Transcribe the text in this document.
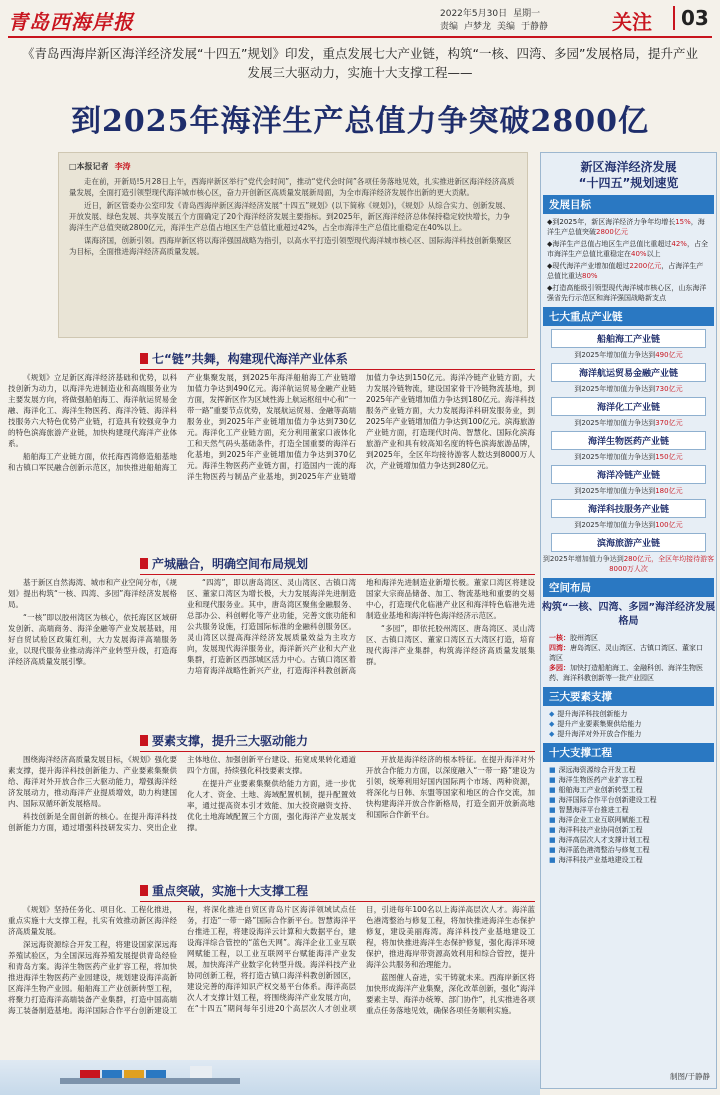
青岛西海岸报	2022年5月30日 星期一
责编 卢梦龙 美编 于静静	关注	03
《青岛西海岸新区海洋经济发展“十四五”规划》印发，重点发展七大产业链，构筑“一核、四湾、多园”发展格局，提升产业发展三大驱动力，实施十大支撑工程——
到2025年海洋生产总值力争突破2800亿
□本报记者 李涛

走在前，开新局!5月28日上午，西海岸新区举行“党代会时间”，推动“党代会时间”各项任务落地见效，扎实推进新区海洋经济高质量发展，全面打造引领型现代海洋城市核心区，奋力开创新区高质量发展新局面，为全市海洋经济发展作出新的更大贡献。

近日，新区管委办公室印发《青岛西海岸新区海洋经济发展“十四五”规划》(以下简称《规划》)，《规划》从综合实力、创新发展、开放发展、绿色发展、共享发展五个方面确定了20个海洋经济发展主要指标。到2025年，新区海洋经济总体保持稳定较快增长，力争海洋生产总值突破2800亿元，海洋生产总值占地区生产总值比重超过42%，占全市海洋生产总值比重稳定在40%以上。

谋海济国，创新引领。西海岸新区将以海洋强国战略为指引，以高水平打造引领型现代海洋城市核心区、国际海洋科技创新集聚区为目标，全面推进海洋经济高质量发展。

七“链”共舞，构建现代海洋产业体系

《规划》立足新区海洋经济基础和优势，以科技创新为动力，以海洋先进制造业和高端服务业为主要发展方向，将做强船舶海工、海洋航运贸易金融、海洋化工、海洋生物医药、海洋冷链、海洋科技服务六大特色优势产业链，打造具有较强竞争力的特色滨海旅游产业链，加快构建现代海洋产业体系。

船舶海工产业链方面，依托海西湾修造船基地和古镇口军民融合创新示范区，加快推进船舶海工产业集聚发展，到2025年海洋船舶海工产业链增加值力争达到490亿元。海洋航运贸易金融产业链方面，发挥新区作为区域性海上航运枢纽中心和“一带一路”重要节点优势，发展航运贸易、金融等高端服务业，到2025年产业链增加值力争达到730亿元。海洋化工产业链方面，充分利用董家口液体化工和天然气码头基础条件，打造全国重要的海洋石化基地，到2025年产业链增加值力争达到370亿元。海洋生物医药产业链方面，打造国内一流的海洋生物医药与制品产业基地，到2025年产业链增加值力争达到150亿元。海洋冷链产业链方面，大力发展冷链物流，建设国家骨干冷链物流基地，到2025年产业链增加值力争达到180亿元。海洋科技服务产业链方面，大力发展海洋科研发服务业，到2025年产业链增加值力争达到100亿元。滨海旅游产业链方面，打造现代时尚、智慧化、国际化滨海旅游产业和具有较高知名度的特色滨海旅游品牌，到2025年，全区年均接待游客人数达到8000万人次，产业链增加值力争达到280亿元。

产城融合，明确空间布局规划

基于新区自然海湾、城市和产业空间分布，《规划》提出构筑“一核、四湾、多园”海洋经济发展格局。

“一核”即以胶州湾区为核心，依托海区区域研发创新、高端商务、海洋金融等产业发展基础，用好自贸试验区政策红利，大力发展海洋高端服务业，以现代服务业推动海洋产业转型升级，打造海洋经济高质量发展引擎。

“四湾”，即以唐岛湾区、灵山湾区、古镇口湾区、董家口湾区为增长极，大力发展海洋先进制造业和现代服务业。其中，唐岛湾区聚焦金融服务、总部办公、科创孵化等产业功能，完善文旅功能和公共服务设施，打造国际标准的金融科创服务区。灵山湾区以提高海洋经济发展质量效益为主攻方向，发展现代海洋服务业，海洋新兴产业和大产业集群，打造新区西部城区活力中心。古镇口湾区着力培育海洋战略性新兴产业，打造海洋科教创新高地和海洋先进制造业新增长极。董家口湾区将建设国家大宗商品储备、加工、物流基地和重要的交易中心，打造现代化临港产业区和海洋特色临港先进制造业基地和海洋特色海洋经济示范区。

“多园”，即依托胶州湾区、唐岛湾区、灵山湾区、古镇口湾区、董家口湾区五大湾区打造，培育现代海洋产业集群，构筑海洋经济高质量发展集群。

要素支撑，提升三大驱动能力

围绕海洋经济高质量发展目标，《规划》强化要素支撑，提升海洋科技创新能力、产业要素集聚供给、海洋对外开放合作三大驱动能力，增强海洋经济发展动力，推动海洋产业提质增效，助力构建国内、国际双循环新发展格局。

科技创新是全面创新的核心。在提升海洋科技创新能力方面，通过增强科技研发实力、突出企业主体地位、加强创新平台建设、拓宽成果转化通道四个方面，持续强化科技要素支撑。

在提升产业要素集聚供给能力方面，进一步优化人才、资金、土地、海域配置机制，提升配置效率，通过提高资本引才效能、加大投资融资支持、优化土地海域配置三个方面，强化海洋产业发展支撑。

开放是海洋经济的根本特征。在提升海洋对外开放合作能力方面，以深度融入“一带一路”建设为引领，统筹利用好国内国际两个市场、两种资源，将深化与日韩、东盟等国家和地区的合作交流，加快构建海洋开放合作新格局，打造全面开放新高地和国际合作新平台。

重点突破，实施十大支撑工程

《规划》坚持任务化、项目化、工程化推进，重点实施十大支撑工程，扎实有效推动新区海洋经济高质量发展。

深远海资源综合开发工程，将建设国家深远海养殖试验区，为全国深远海养殖发展提供青岛经验和青岛方案。海洋生物医药产业扩容工程，将加快推进海洋生物医药产业园建设，规划建设海洋高新区海洋生物产业园。船舶海工产业创新转型工程，将聚力打造海洋高端装备产业集群，打造中国高端海工装备制造基地。海洋国际合作平台创新建设工程，将深化推进自贸区青岛片区海洋领域试点任务，打造“一带一路”国际合作新平台。智慧海洋平台推进工程，将建设海洋云计算和大数据平台，建设海洋综合管控的“蓝色天网”。海洋企业工业互联网赋能工程，以工业互联网平台赋能海洋产业发展，加快海洋产业数字化转型升级。海洋科技产业协同创新工程，将打造古镇口海洋科教创新园区，建设完善的海洋知识产权交易平台体系。海洋高层次人才支撑计划工程，将围绕海洋产业发展方向，在“十四五”期间每年引进20个高层次人才创业项目，引进每年100名以上海洋高层次人才。海洋蓝色港湾整治与修复工程，将加快推进海洋生态保护修复，建设美丽海湾。海洋科技产业基地建设工程，将加快推进海洋生态保护修复，强化海洋环境保护，推进海岸带资源高效利用和综合管控，提升海洋公共服务和治理能力。

蓝图催人奋进，实干铸就未来。西海岸新区将加快形成海洋产业集聚，深化改革创新，强化“海洋要素主导、海洋办统筹、部门协作”，扎实推进各项重点任务落地见效，确保各项任务顺利实施。

新区海洋经济发展
“十四五”规划速览
发展目标
◆到2025年，新区海洋经济力争年均增长15%，海洋生产总值突破2800亿元
◆海洋生产总值占地区生产总值比重超过42%，占全市海洋生产总值比重稳定在40%以上
◆现代海洋产业增加值超过2200亿元，占海洋生产总值比重达80%
◆打造高能级引领型现代海洋城市核心区，山东海洋强省先行示范区和海洋强国战略新支点
七大重点产业链
船舶海工产业链
到2025年增加值力争达到490亿元
海洋航运贸易金融产业链
到2025年增加值力争达到730亿元
海洋化工产业链
到2025年增加值力争达到370亿元
海洋生物医药产业链
到2025年增加值力争达到150亿元
海洋冷链产业链
到2025年增加值力争达到180亿元
海洋科技服务产业链
到2025年增加值力争达到100亿元
滨海旅游产业链
到2025年增加值力争达到280亿元，全区年均接待游客8000万人次
空间布局
构筑“一核、四湾、多园”海洋经济发展格局
一核：胶州湾区
四湾：唐岛湾区、灵山湾区、古镇口湾区、董家口湾区
多园：加快打造船舶海工、金融科创、海洋生物医药、海洋科教创新等一批产业园区
三大要素支撑
◆ 提升海洋科技创新能力
◆ 提升产业要素集聚供给能力
◆ 提升海洋对外开放合作能力
十大支撑工程
■ 深远海资源综合开发工程
■ 海洋生物医药产业扩容工程
■ 船舶海工产业创新转型工程
■ 海洋国际合作平台创新建设工程
■ 智慧海洋平台推进工程
■ 海洋企业工业互联网赋能工程
■ 海洋科技产业协同创新工程
■ 海洋高层次人才支撑计划工程
■ 海洋蓝色港湾整治与修复工程
■ 海洋科技产业基地建设工程
制图/于静静
